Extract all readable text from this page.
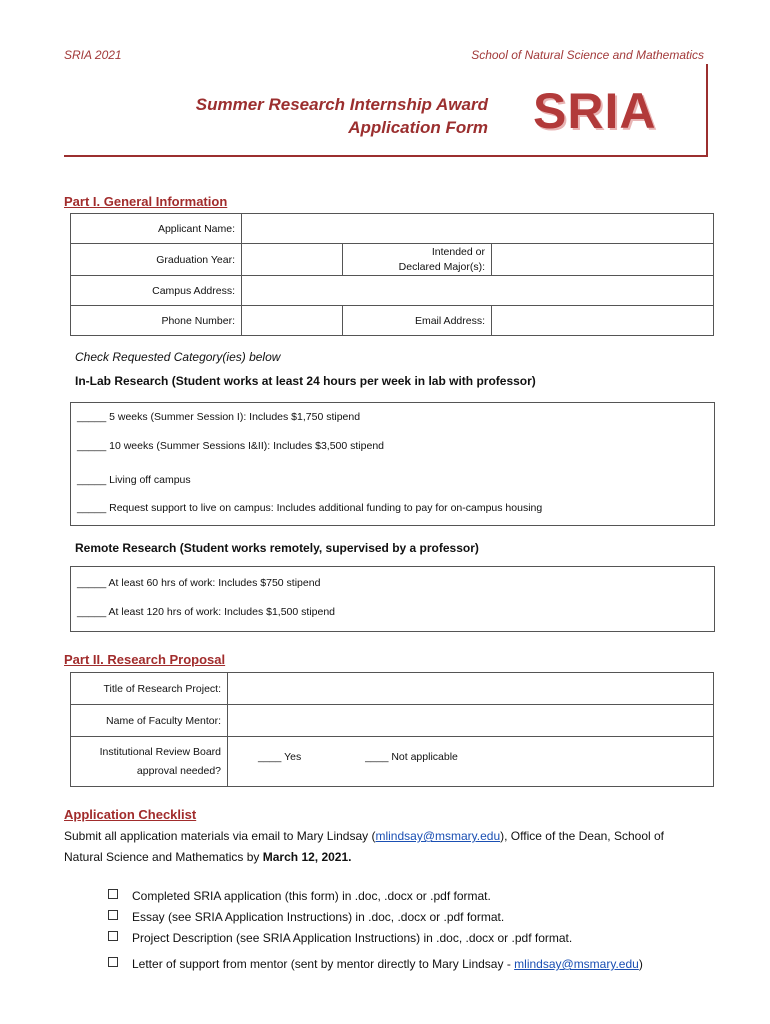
SRIA 2021	School of Natural Science and Mathematics
Summer Research Internship Award
Application Form SRIA
Part I. General Information
Applicant Name:			
Graduation Year:		Intended or
Declared Major(s):	

Campus Address:			
Phone Number:		Email Address:	
Check Requested Category(ies) below
In-Lab Research (Student works at least 24 hours per week in lab with professor)
_____ 5 weeks (Summer Session I): Includes $1,750 stipend
_____ 10 weeks (Summer Sessions I&II): Includes $3,500 stipend
_____ Living off campus
_____ Request support to live on campus: Includes additional funding to pay for on-campus housing
Remote Research (Student works remotely, supervised by a professor)
_____ At least 60 hrs of work: Includes $750 stipend
_____ At least 120 hrs of work: Includes $1,500 stipend
Part II. Research Proposal
Title of Research Project:	
Name of Faculty Mentor:	

Institutional Review Board
approval needed?	____ Yes ____ Not applicable
Application Checklist
Submit all application materials via email to Mary Lindsay (mlindsay@msmary.edu), Office of the Dean, School of
Natural Science and Mathematics by March 12, 2021.
Completed SRIA application (this form) in .doc, .docx or .pdf format.
Essay (see SRIA Application Instructions) in .doc, .docx or .pdf format.
Project Description (see SRIA Application Instructions) in .doc, .docx or .pdf format.
Letter of support from mentor (sent by mentor directly to Mary Lindsay - mlindsay@msmary.edu)
